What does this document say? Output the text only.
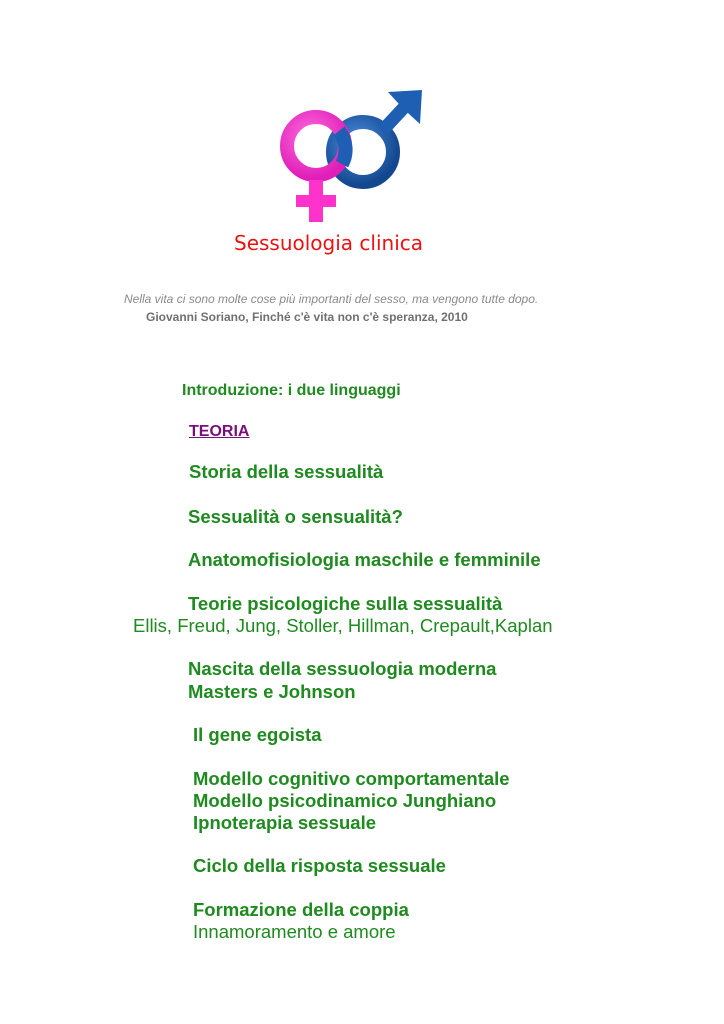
Sessuologia clinica

Nella vita ci sono molte cose più importanti del sesso, ma vengono tutte dopo.

Giovanni Soriano, Finché c'è vita non c'è speranza, 2010

Introduzione: i due linguaggi
TEORIA
Storia della sessualità
Sessualità o sensualità?
Anatomofisiologia maschile e femminile
Teorie psicologiche sulla sessualità
Ellis, Freud, Jung, Stoller, Hillman, Crepault,Kaplan
Nascita della sessuologia moderna
Masters e Johnson
Il gene egoista
Modello cognitivo comportamentale
Modello psicodinamico Junghiano
Ipnoterapia sessuale
Ciclo della risposta sessuale
Formazione della coppia
Innamoramento e amore
